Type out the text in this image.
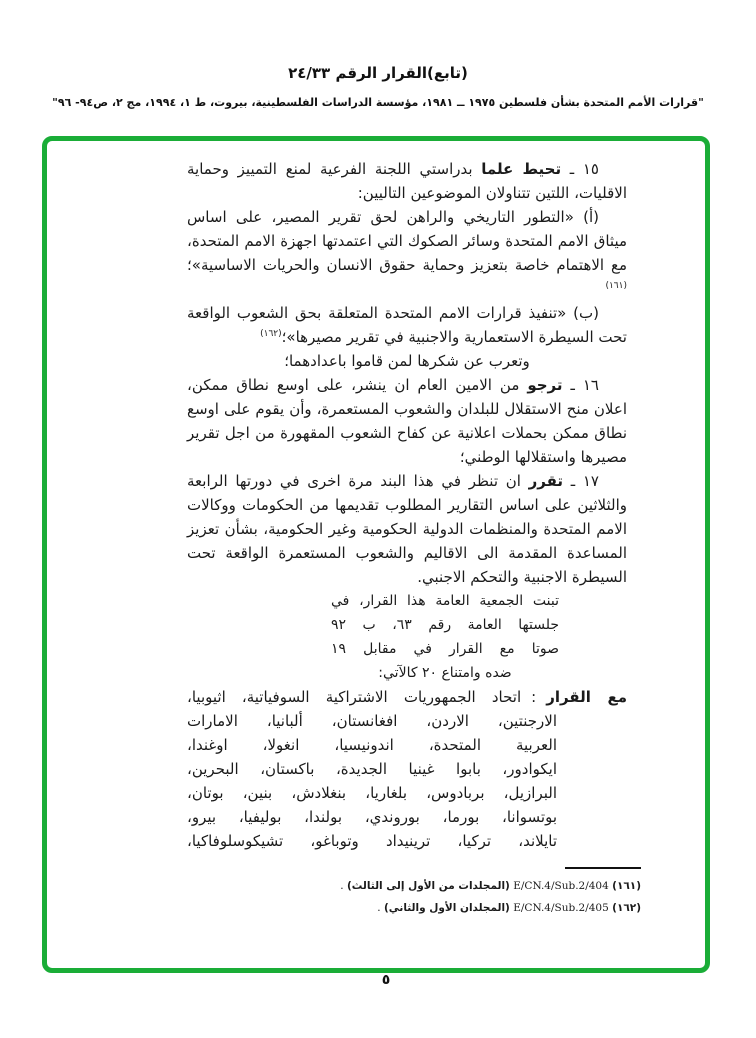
(تابع)القرار الرقم ٢٤/٣٣
"قرارات الأمم المتحدة بشأن فلسطين ١٩٧٥ ــ ١٩٨١، مؤسسة الدراسات الفلسطينية، بيروت، ط ١، ١٩٩٤، مج ٢، ص٩٤- ٩٦"

١٥ ـ تحيط علما بدراستي اللجنة الفرعية لمنع التمييز وحماية الاقليات، اللتين تتناولان الموضوعين التاليين:

(أ) «التطور التاريخي والراهن لحق تقرير المصير، على اساس ميثاق الامم المتحدة وسائر الصكوك التي اعتمدتها اجهزة الامم المتحدة، مع الاهتمام خاصة بتعزيز وحماية حقوق الانسان والحريات الاساسية»؛$^{(١٦١)}$

(ب) «تنفيذ قرارات الامم المتحدة المتعلقة بحق الشعوب الواقعة تحت السيطرة الاستعمارية والاجنبية في تقرير مصيرها»؛$^{(١٦٢)}$

وتعرب عن شكرها لمن قاموا باعدادهما؛

١٦ ـ ترجو من الامين العام ان ينشر، على اوسع نطاق ممكن، اعلان منح الاستقلال للبلدان والشعوب المستعمرة، وأن يقوم على اوسع نطاق ممكن بحملات اعلانية عن كفاح الشعوب المقهورة من اجل تقرير مصيرها واستقلالها الوطني؛

١٧ ـ تقرر ان تنظر في هذا البند مرة اخرى في دورتها الرابعة والثلاثين على اساس التقارير المطلوب تقديمها من الحكومات ووكالات الامم المتحدة والمنظمات الدولية الحكومية وغير الحكومية، بشأن تعزيز المساعدة المقدمة الى الاقاليم والشعوب المستعمرة الواقعة تحت السيطرة الاجنبية والتحكم الاجنبي.

تبنت الجمعية العامة هذا القرار، في
جلستها العامة رقم ٦٣، ب ٩٢
صوتا مع القرار في مقابل ١٩
ضده وامتناع ٢٠ كالآتي:
مع القرار:اتحاد الجمهوريات الاشتراكية السوفياتية، اثيوبيا،
الارجنتين، الاردن، افغانستان، ألبانيا، الامارات
العربية المتحدة، اندونيسيا، انغولا، اوغندا،
ايكوادور، بابوا غينيا الجديدة، باكستان، البحرين،
البرازيل، بربادوس، بلغاريا، بنغلادش، بنين، بوتان،
بوتسوانا، بورما، بوروندي، بولندا، بوليفيا، بيرو،
تايلاند، تركيا، ترينيداد وتوباغو، تشيكوسلوفاكيا،
(١٦١) E/CN.4/Sub.2/404 (المجلدات من الأول إلى الثالث) .
(١٦٢) E/CN.4/Sub.2/405 (المجلدان الأول والثاني) .
٥
